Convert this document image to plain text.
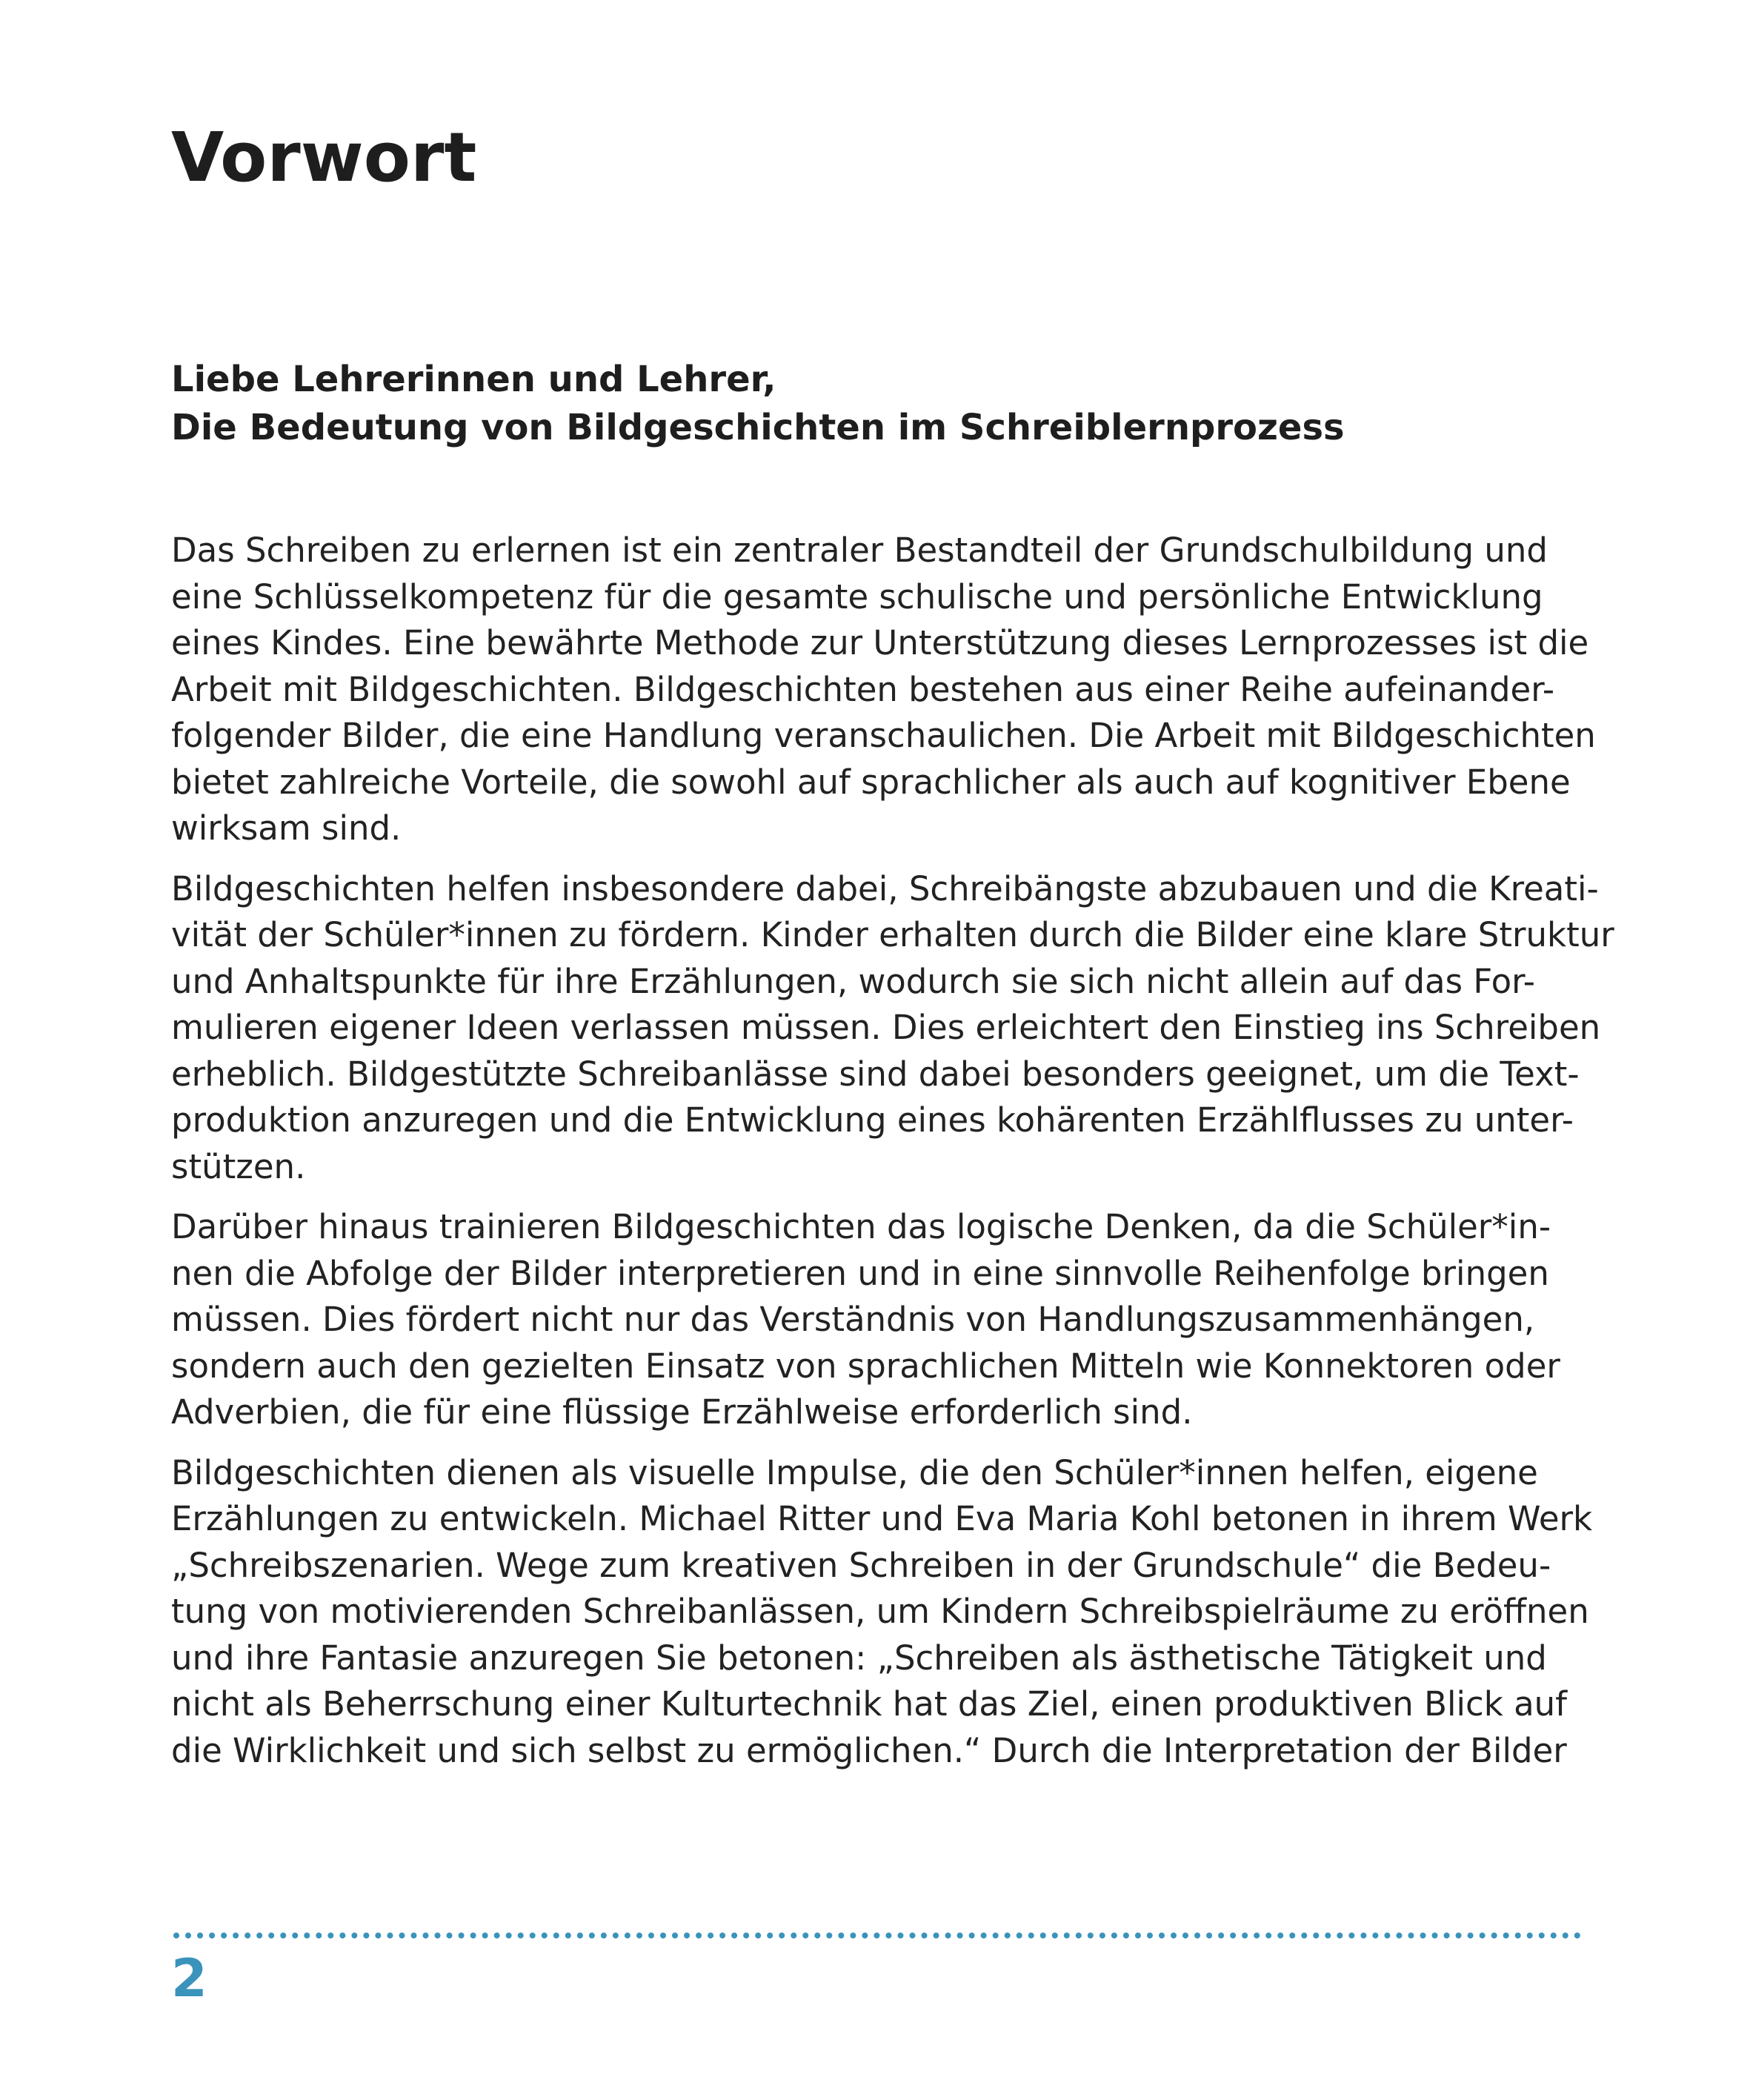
Vorwort
Liebe Lehrerinnen und Lehrer,
Die Bedeutung von Bildgeschichten im Schreiblernprozess

Das Schreiben zu erlernen ist ein zentraler Bestandteil der Grundschulbildung und
eine Schlüsselkompetenz für die gesamte schulische und persönliche Entwicklung
eines Kindes. Eine bewährte Methode zur Unterstützung dieses Lernprozesses ist die
Arbeit mit Bildgeschichten. Bildgeschichten bestehen aus einer Reihe aufeinander-
folgender Bilder, die eine Handlung veranschaulichen. Die Arbeit mit Bildgeschichten
bietet zahlreiche Vorteile, die sowohl auf sprachlicher als auch auf kognitiver Ebene
wirksam sind.

Bildgeschichten helfen insbesondere dabei, Schreibängste abzubauen und die Kreati-
vität der Schüler*innen zu fördern. Kinder erhalten durch die Bilder eine klare Struktur
und Anhaltspunkte für ihre Erzählungen, wodurch sie sich nicht allein auf das For-
mulieren eigener Ideen verlassen müssen. Dies erleichtert den Einstieg ins Schreiben
erheblich. Bildgestützte Schreibanlässe sind dabei besonders geeignet, um die Text-
produktion anzuregen und die Entwicklung eines kohärenten Erzählflusses zu unter-
stützen.

Darüber hinaus trainieren Bildgeschichten das logische Denken, da die Schüler*in-
nen die Abfolge der Bilder interpretieren und in eine sinnvolle Reihenfolge bringen
müssen. Dies fördert nicht nur das Verständnis von Handlungszusammenhängen,
sondern auch den gezielten Einsatz von sprachlichen Mitteln wie Konnektoren oder
Adverbien, die für eine flüssige Erzählweise erforderlich sind.

Bildgeschichten dienen als visuelle Impulse, die den Schüler*innen helfen, eigene
Erzählungen zu entwickeln. Michael Ritter und Eva Maria Kohl betonen in ihrem Werk
„Schreibszenarien. Wege zum kreativen Schreiben in der Grundschule“ die Bedeu-
tung von motivierenden Schreibanlässen, um Kindern Schreibspielräume zu eröffnen
und ihre Fantasie anzuregen Sie betonen: „Schreiben als ästhetische Tätigkeit und
nicht als Beherrschung einer Kulturtechnik hat das Ziel, einen produktiven Blick auf
die Wirklichkeit und sich selbst zu ermöglichen.“ Durch die Interpretation der Bilder

2
